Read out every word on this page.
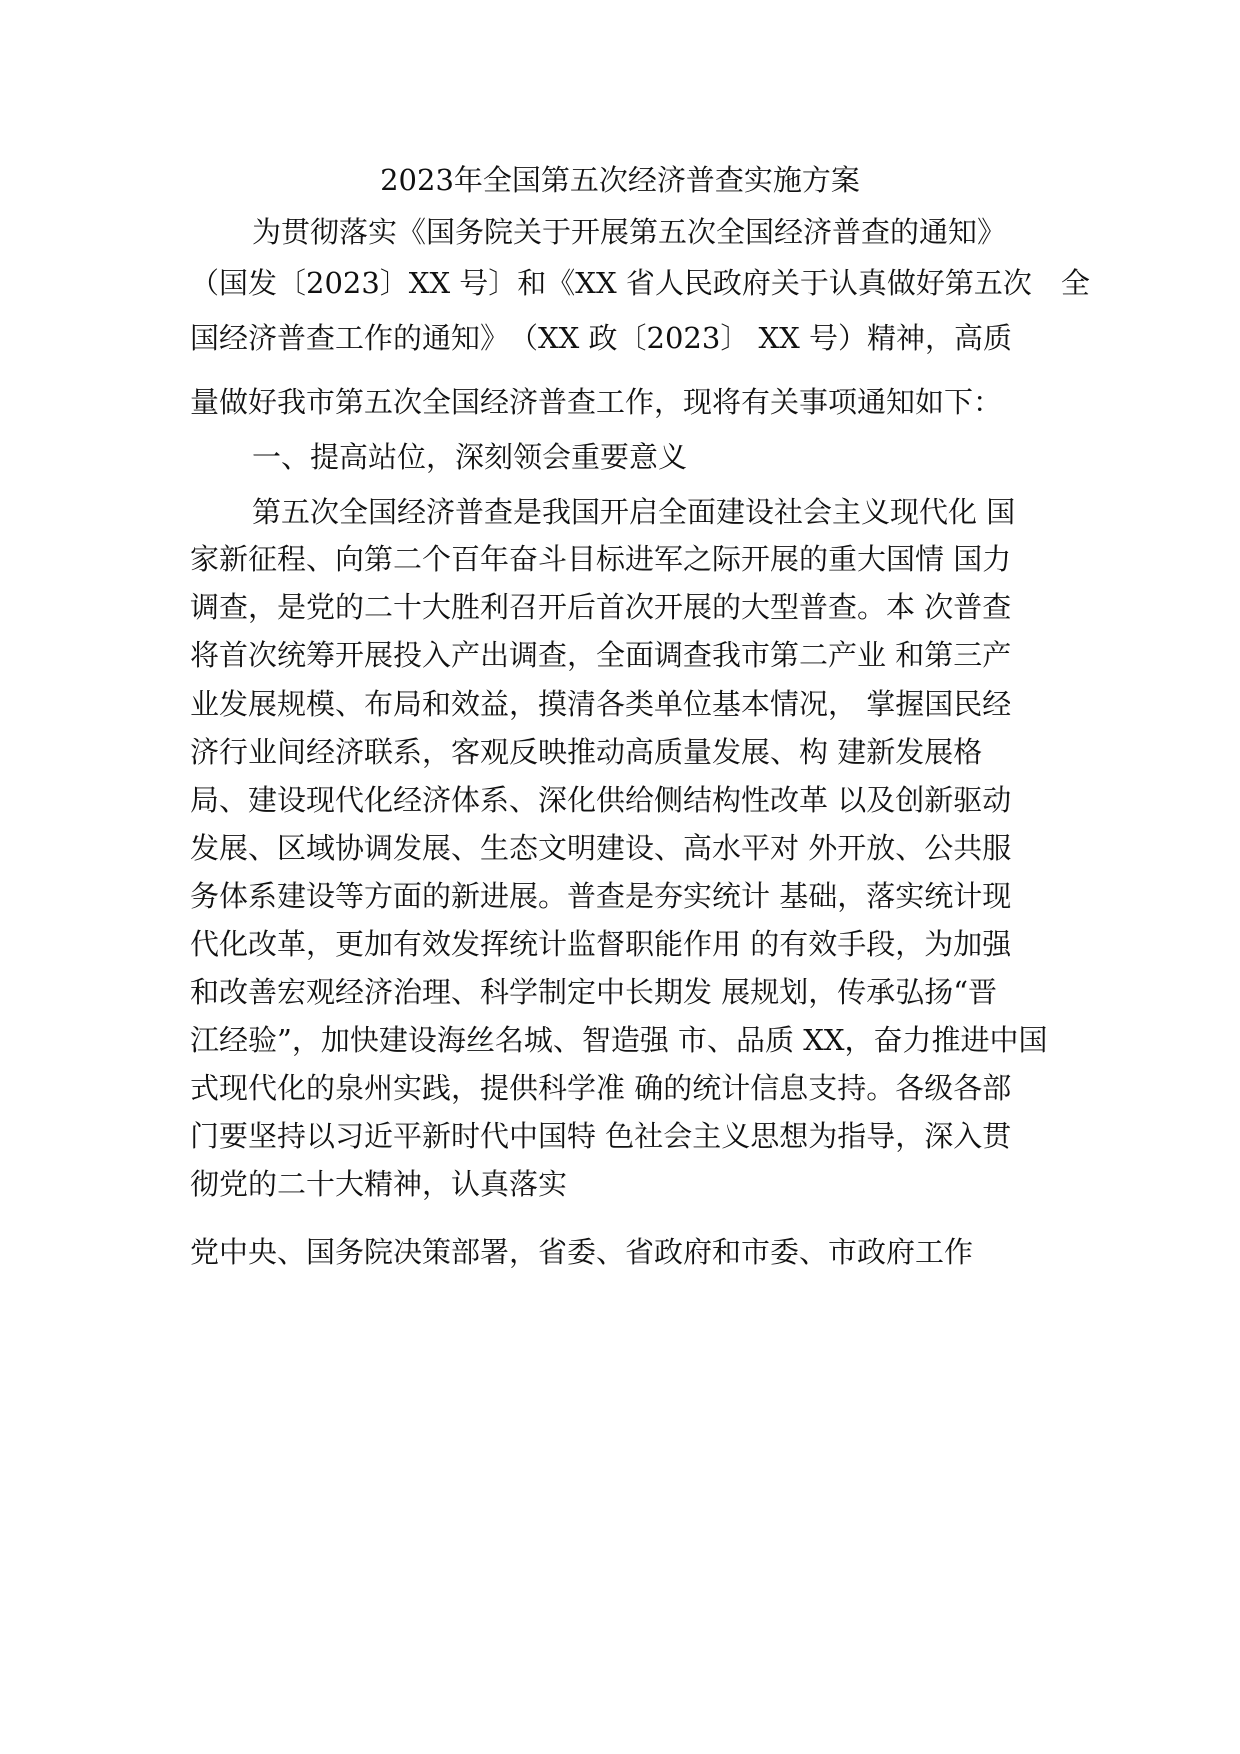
2023年全国第五次经济普查实施方案

为贯彻落实《国务院关于开展第五次全国经济普查的通知》

（国发〔2023〕XX 号〕和《XX 省人民政府关于认真做好第五次　全

国经济普查工作的通知》　（XX 政〔2023〕 XX 号）精神，高质

量做好我市第五次全国经济普查工作，现将有关事项通知如下：

一、提高站位，深刻领会重要意义

第五次全国经济普查是我国开启全面建设社会主义现代化 国

家新征程、向第二个百年奋斗目标进军之际开展的重大国情 国力

调查，是党的二十大胜利召开后首次开展的大型普查。本 次普查

将首次统筹开展投入产出调查，全面调查我市第二产业 和第三产

业发展规模、布局和效益，摸清各类单位基本情况， 掌握国民经

济行业间经济联系，客观反映推动高质量发展、构 建新发展格

局、建设现代化经济体系、深化供给侧结构性改革 以及创新驱动

发展、区域协调发展、生态文明建设、高水平对 外开放、公共服

务体系建设等方面的新进展。普查是夯实统计 基础，落实统计现

代化改革，更加有效发挥统计监督职能作用 的有效手段，为加强

和改善宏观经济治理、科学制定中长期发 展规划，传承弘扬“晋

江经验”，加快建设海丝名城、智造强 市、品质 XX，奋力推进中国

式现代化的泉州实践，提供科学准 确的统计信息支持。各级各部

门要坚持以习近平新时代中国特 色社会主义思想为指导，深入贯

彻党的二十大精神，认真落实

党中央、国务院决策部署，省委、省政府和市委、市政府工作
